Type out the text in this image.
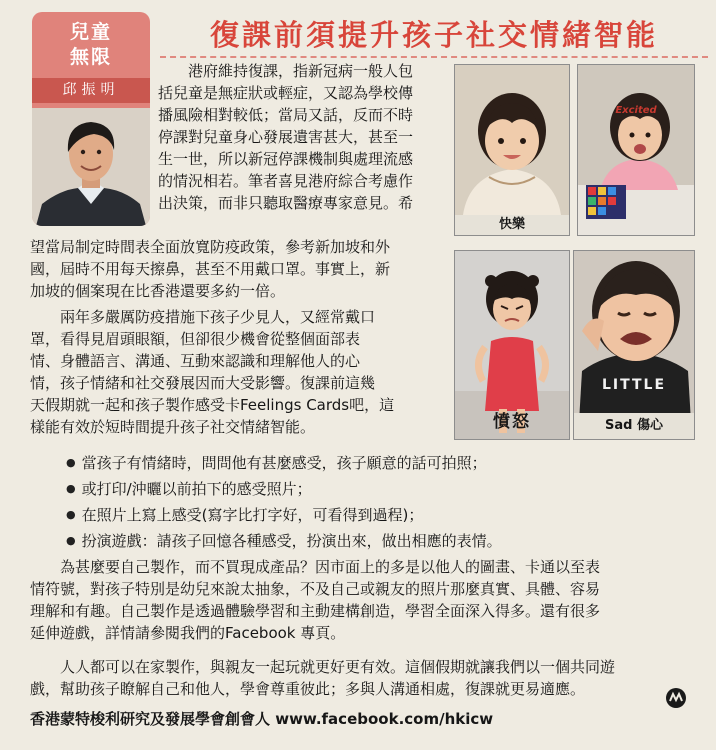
兒童
無限
邱振明
復課前須提升孩子社交情緒智能
快樂
Excited
憤怒
LITTLE
Sad 傷心

港府維持復課，指新冠病一般人包

括兒童是無症狀或輕症，又認為學校傳

播風險相對較低；當局又話，反而不時

停課對兒童身心發展遺害甚大，甚至一

生一世，所以新冠停課機制與處理流感

的情況相若。筆者喜見港府綜合考慮作

出決策，而非只聽取醫療專家意見。希

望當局制定時間表全面放寬防疫政策，參考新加坡和外

國，屆時不用每天擦鼻，甚至不用戴口罩。事實上，新

加坡的個案現在比香港還要多約一倍。

兩年多嚴厲防疫措施下孩子少見人，又經常戴口

罩，看得見眉頭眼額，但卻很少機會從整個面部表

情、身體語言、溝通、互動來認識和理解他人的心

情，孩子情緒和社交發展因而大受影響。復課前這幾

天假期就一起和孩子製作感受卡Feelings Cards吧，這

樣能有效於短時間提升孩子社交情緒智能。

● 當孩子有情緒時，問問他有甚麼感受，孩子願意的話可拍照；

● 或打印/沖曬以前拍下的感受照片；

● 在照片上寫上感受(寫字比打字好，可看得到過程)；

● 扮演遊戲：請孩子回憶各種感受，扮演出來，做出相應的表情。

為甚麼要自己製作，而不買現成產品？因市面上的多是以他人的圖畫、卡通以至表

情符號，對孩子特別是幼兒來說太抽象，不及自己或親友的照片那麼真實、具體、容易

理解和有趣。自己製作是透過體驗學習和主動建構創造，學習全面深入得多。還有很多

延伸遊戲，詳情請參閱我們的Facebook 專頁。

人人都可以在家製作，與親友一起玩就更好更有效。這個假期就讓我們以一個共同遊

戲，幫助孩子瞭解自己和他人，學會尊重彼此；多與人溝通相處，復課就更易適應。

香港蒙特梭利研究及發展學會創會人 www.facebook.com/hkicw
